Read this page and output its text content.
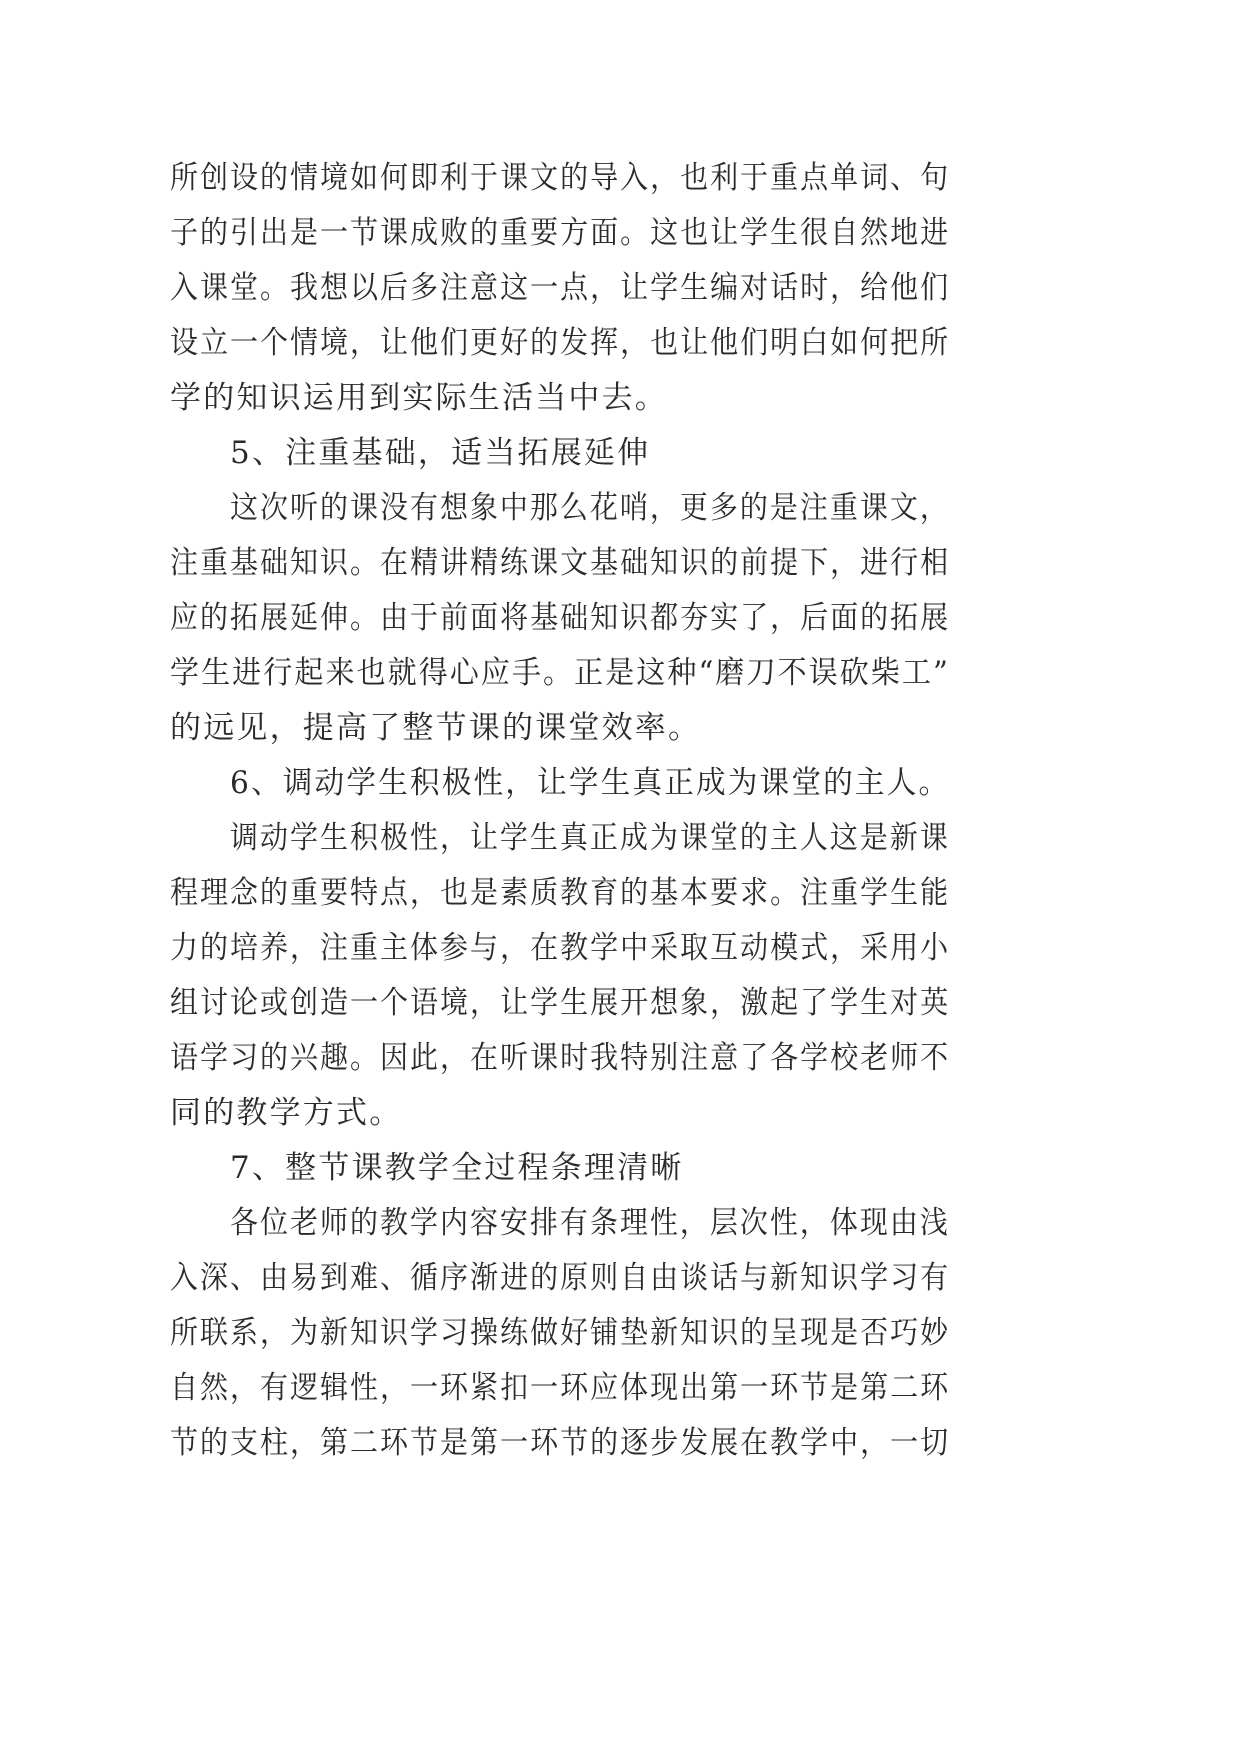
所创设的情境如何即利于课文的导入，也利于重点单词、句
子的引出是一节课成败的重要方面。这也让学生很自然地进
入课堂。我想以后多注意这一点，让学生编对话时，给他们
设立一个情境，让他们更好的发挥，也让他们明白如何把所
学的知识运用到实际生活当中去。
5、注重基础，适当拓展延伸
这次听的课没有想象中那么花哨，更多的是注重课文，
注重基础知识。在精讲精练课文基础知识的前提下，进行相
应的拓展延伸。由于前面将基础知识都夯实了，后面的拓展
学生进行起来也就得心应手。正是这种“磨刀不误砍柴工”
的远见，提高了整节课的课堂效率。
6、调动学生积极性，让学生真正成为课堂的主人。
调动学生积极性，让学生真正成为课堂的主人这是新课
程理念的重要特点，也是素质教育的基本要求。注重学生能
力的培养，注重主体参与，在教学中采取互动模式，采用小
组讨论或创造一个语境，让学生展开想象，激起了学生对英
语学习的兴趣。因此，在听课时我特别注意了各学校老师不
同的教学方式。
7、整节课教学全过程条理清晰
各位老师的教学内容安排有条理性，层次性，体现由浅
入深、由易到难、循序渐进的原则自由谈话与新知识学习有
所联系，为新知识学习操练做好铺垫新知识的呈现是否巧妙
自然，有逻辑性，一环紧扣一环应体现出第一环节是第二环
节的支柱，第二环节是第一环节的逐步发展在教学中，一切
